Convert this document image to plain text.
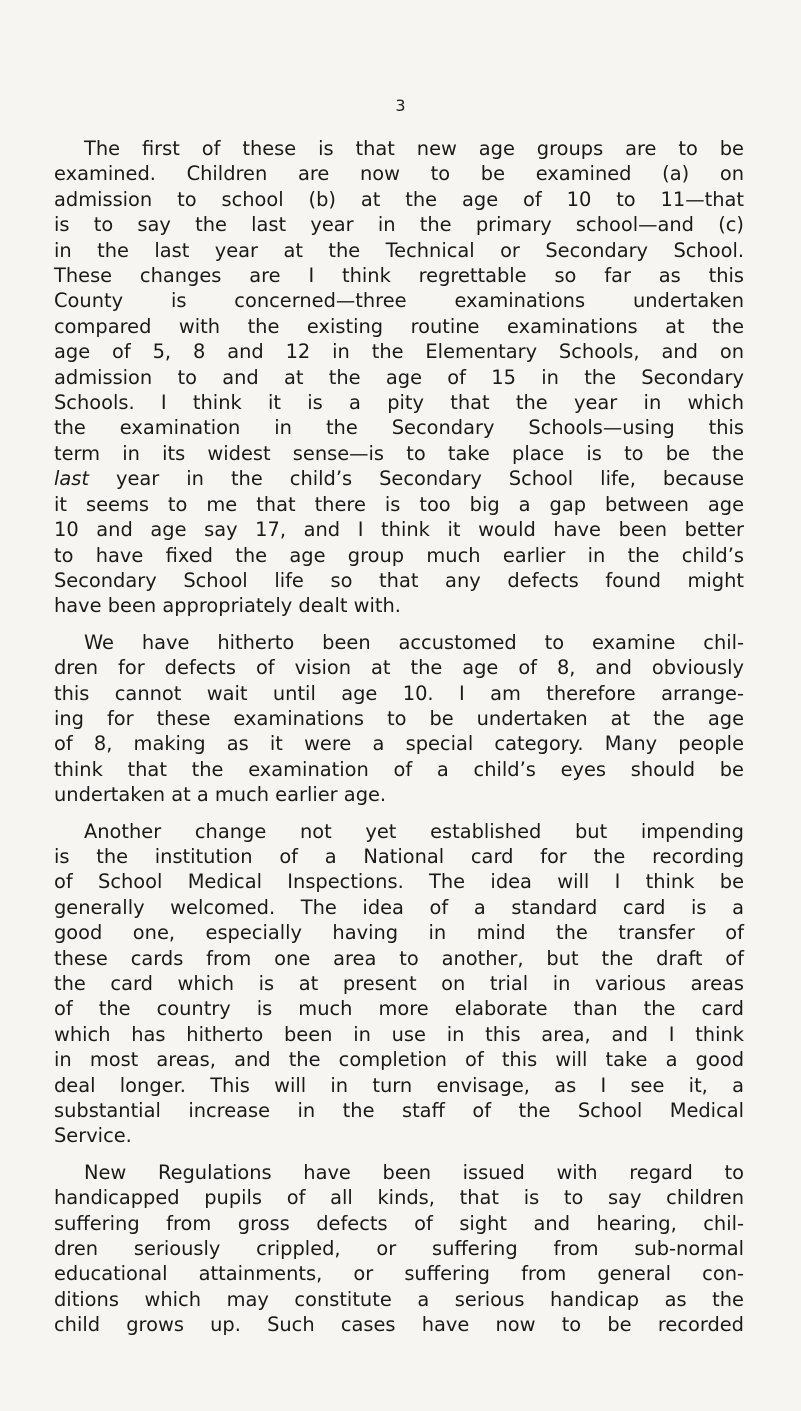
3

The first of these is that new age groups are to be
examined. Children are now to be examined (a) on
admission to school (b) at the age of 10 to 11—that
is to say the last year in the primary school—and (c)
in the last year at the Technical or Secondary School.
These changes are I think regrettable so far as this
County is concerned—three examinations undertaken
compared with the existing routine examinations at the
age of 5, 8 and 12 in the Elementary Schools, and on
admission to and at the age of 15 in the Secondary
Schools. I think it is a pity that the year in which
the examination in the Secondary Schools—using this
term in its widest sense—is to take place is to be the
last year in the child’s Secondary School life, because
it seems to me that there is too big a gap between age
10 and age say 17, and I think it would have been better
to have fixed the age group much earlier in the child’s
Secondary School life so that any defects found might
have been appropriately dealt with.

We have hitherto been accustomed to examine chil-
dren for defects of vision at the age of 8, and obviously
this cannot wait until age 10. I am therefore arrange-
ing for these examinations to be undertaken at the age
of 8, making as it were a special category. Many people
think that the examination of a child’s eyes should be
undertaken at a much earlier age.

Another change not yet established but impending
is the institution of a National card for the recording
of School Medical Inspections. The idea will I think be
generally welcomed. The idea of a standard card is a
good one, especially having in mind the transfer of
these cards from one area to another, but the draft of
the card which is at present on trial in various areas
of the country is much more elaborate than the card
which has hitherto been in use in this area, and I think
in most areas, and the completion of this will take a good
deal longer. This will in turn envisage, as I see it, a
substantial increase in the staff of the School Medical
Service.

New Regulations have been issued with regard to
handicapped pupils of all kinds, that is to say children
suffering from gross defects of sight and hearing, chil-
dren seriously crippled, or suffering from sub-normal
educational attainments, or suffering from general con-
ditions which may constitute a serious handicap as the
child grows up. Such cases have now to be recorded
